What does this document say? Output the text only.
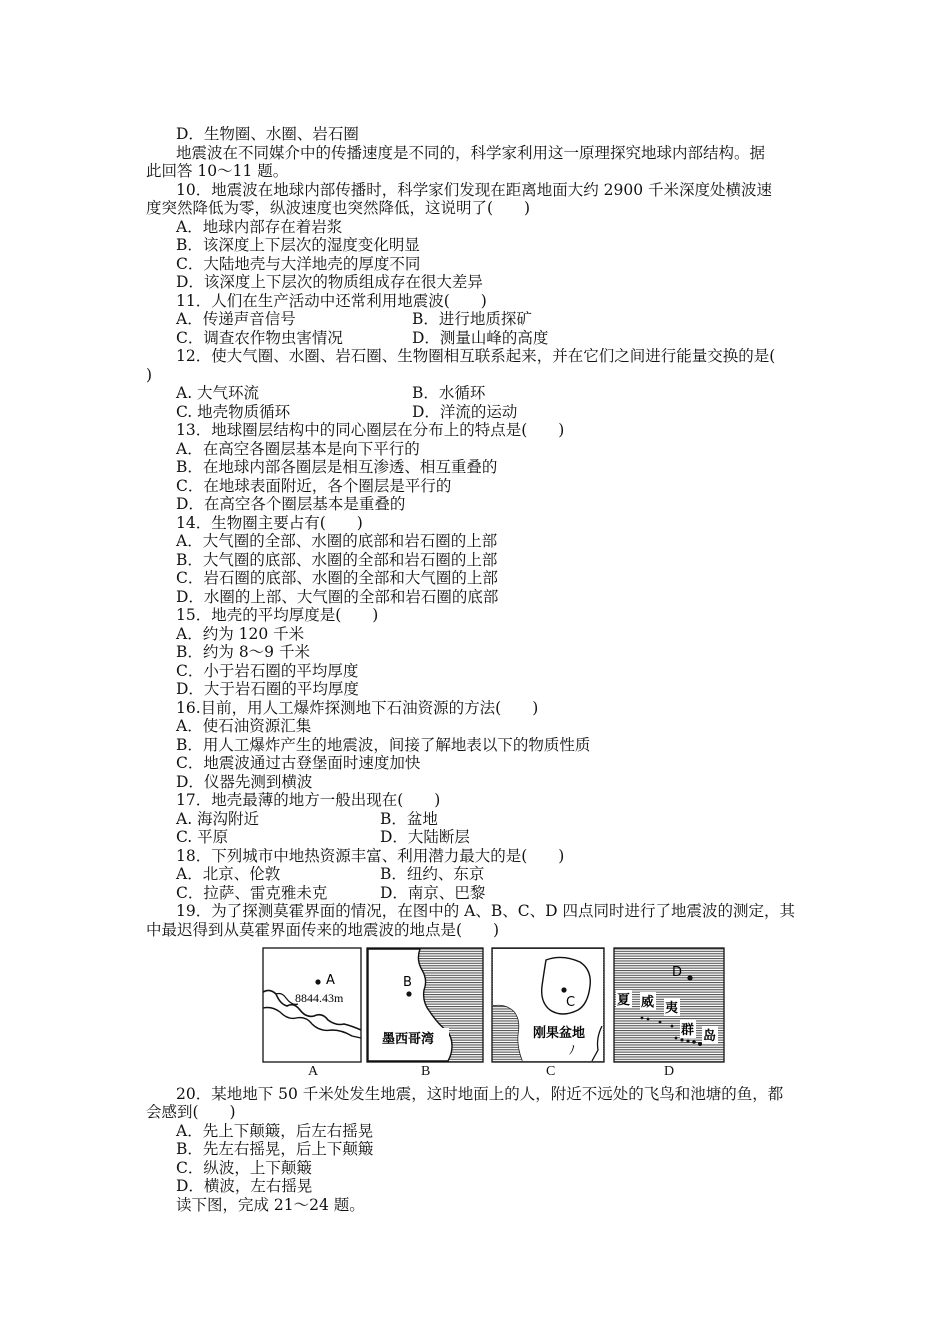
D．生物圈、水圈、岩石圈
地震波在不同媒介中的传播速度是不同的，科学家利用这一原理探究地球内部结构。据
此回答 10～11 题。
10．地震波在地球内部传播时，科学家们发现在距离地面大约 2900 千米深度处横波速
度突然降低为零，纵波速度也突然降低，这说明了(　　)
A．地球内部存在着岩浆
B．该深度上下层次的湿度变化明显
C．大陆地壳与大洋地壳的厚度不同
D．该深度上下层次的物质组成存在很大差异
11．人们在生产活动中还常利用地震波(　　)
A．传递声音信号	B．进行地质探矿
C．调查农作物虫害情况	D．测量山峰的高度
12．使大气圈、水圈、岩石圈、生物圈相互联系起来，并在它们之间进行能量交换的是(
)
A. 大气环流	B．水循环
C. 地壳物质循环	D．洋流的运动
13．地球圈层结构中的同心圈层在分布上的特点是(　　)
A．在高空各圈层基本是向下平行的
B．在地球内部各圈层是相互渗透、相互重叠的
C．在地球表面附近，各个圈层是平行的
D．在高空各个圈层基本是重叠的
14．生物圈主要占有(　　)
A．大气圈的全部、水圈的底部和岩石圈的上部
B．大气圈的底部、水圈的全部和岩石圈的上部
C．岩石圈的底部、水圈的全部和大气圈的上部
D．水圈的上部、大气圈的全部和岩石圈的底部
15．地壳的平均厚度是(　　)
A．约为 120 千米
B．约为 8～9 千米
C．小于岩石圈的平均厚度
D．大于岩石圈的平均厚度
16.目前，用人工爆炸探测地下石油资源的方法(　　)
A．使石油资源汇集
B．用人工爆炸产生的地震波，间接了解地表以下的物质性质
C．地震波通过古登堡面时速度加快
D．仪器先测到横波
17．地壳最薄的地方一般出现在(　　)
A. 海沟附近	B．盆地
C. 平原	D．大陆断层
18．下列城市中地热资源丰富、利用潜力最大的是(　　)
A．北京、伦敦	B．纽约、东京
C．拉萨、雷克雅未克	D．南京、巴黎
19．为了探测莫霍界面的情况，在图中的 A、B、C、D 四点同时进行了地震波的测定，其
中最迟得到从莫霍界面传来的地震波的地点是(　　)
A
8844.43m
B
墨西哥湾
C
刚果盆地
ﾉ
D
夏 威 夷
群 岛
A	B	C	D
20．某地地下 50 千米处发生地震，这时地面上的人，附近不远处的飞鸟和池塘的鱼，都
会感到(　　)
A．先上下颠簸，后左右摇晃
B．先左右摇晃，后上下颠簸
C．纵波，上下颠簸
D．横波，左右摇晃
读下图，完成 21～24 题。
